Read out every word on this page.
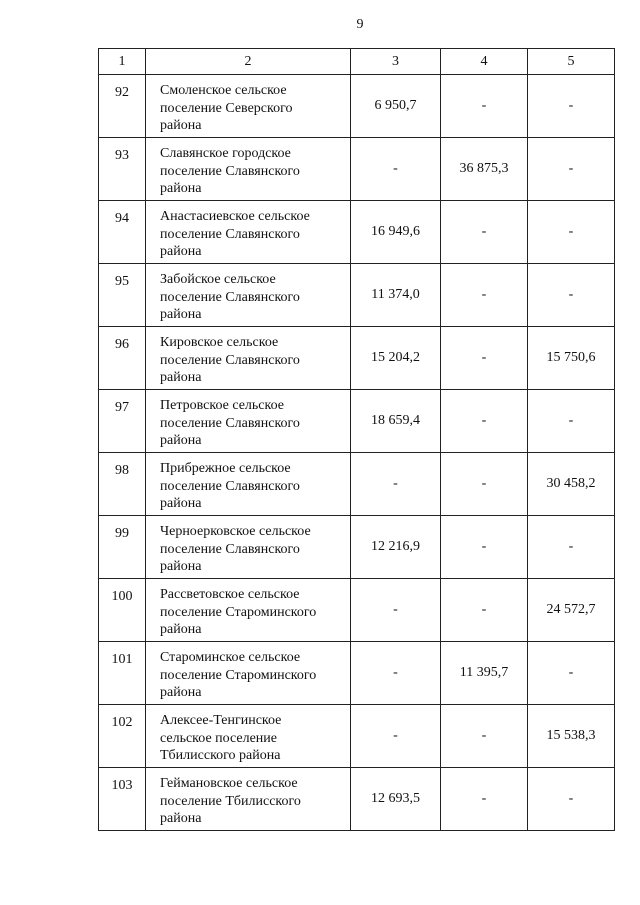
9
1	2	3	4	5
92	Смоленское сельское
поселение Северского
района	6 950,7	-	-
93	Славянское городское
поселение Славянского
района	-	36 875,3	-
94	Анастасиевское сельское
поселение Славянского
района	16 949,6	-	-
95	Забойское сельское
поселение Славянского
района	11 374,0	-	-
96	Кировское сельское
поселение Славянского
района	15 204,2	-	15 750,6
97	Петровское сельское
поселение Славянского
района	18 659,4	-	-
98	Прибрежное сельское
поселение Славянского
района	-	-	30 458,2
99	Черноерковское сельское
поселение Славянского
района	12 216,9	-	-
100	Рассветовское сельское
поселение Староминского
района	-	-	24 572,7
101	Староминское сельское
поселение Староминского
района	-	11 395,7	-
102	Алексее-Тенгинское
сельское поселение
Тбилисского района	-	-	15 538,3
103	Геймановское сельское
поселение Тбилисского
района	12 693,5	-	-
